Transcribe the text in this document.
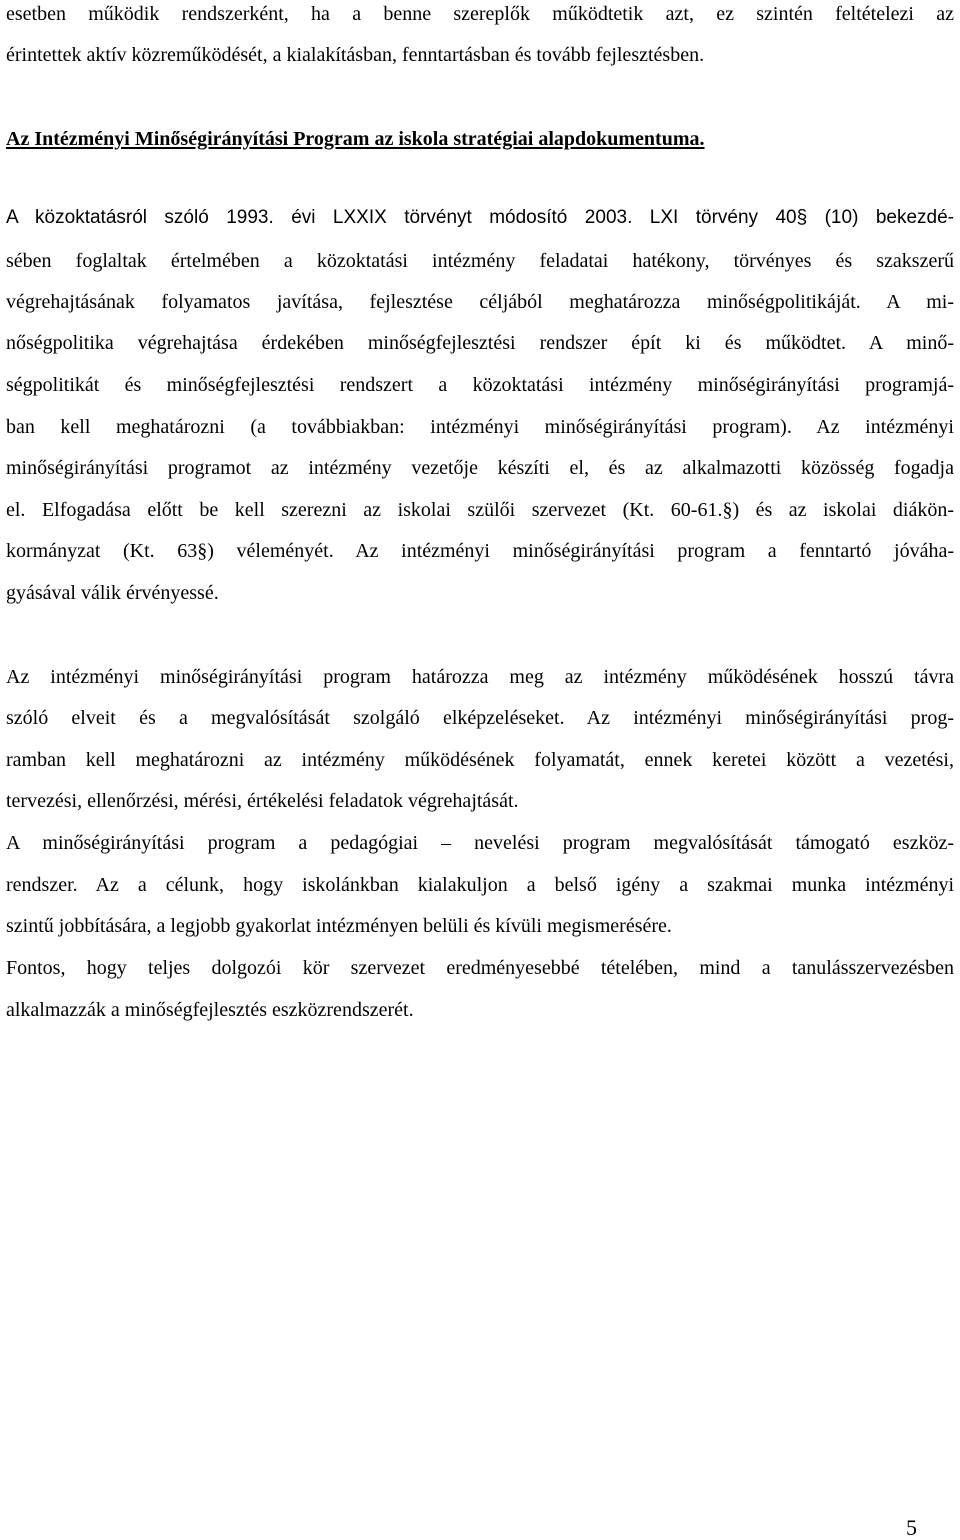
esetben működik rendszerként, ha a benne szereplők működtetik azt, ez szintén feltételezi az
érintettek aktív közreműködését, a kialakításban, fenntartásban és tovább fejlesztésben.
Az Intézményi Minőségirányítási Program az iskola stratégiai alapdokumentuma.
A közoktatásról szóló 1993. évi LXXIX törvényt módosító 2003. LXI törvény 40§ (10) bekezdé-
sében foglaltak értelmében a közoktatási intézmény feladatai hatékony, törvényes és szakszerű
végrehajtásának folyamatos javítása, fejlesztése céljából meghatározza minőségpolitikáját. A mi-
nőségpolitika végrehajtása érdekében minőségfejlesztési rendszer épít ki és működtet. A minő-
ségpolitikát és minőségfejlesztési rendszert a közoktatási intézmény minőségirányítási programjá-
ban kell meghatározni (a továbbiakban: intézményi minőségirányítási program). Az intézményi
minőségirányítási programot az intézmény vezetője készíti el, és az alkalmazotti közösség fogadja
el. Elfogadása előtt be kell szerezni az iskolai szülői szervezet (Kt. 60-61.§) és az iskolai diákön-
kormányzat (Kt. 63§) véleményét. Az intézményi minőségirányítási program a fenntartó jóváha-
gyásával válik érvényessé.
Az intézményi minőségirányítási program határozza meg az intézmény működésének hosszú távra
szóló elveit és a megvalósítását szolgáló elképzeléseket. Az intézményi minőségirányítási prog-
ramban kell meghatározni az intézmény működésének folyamatát, ennek keretei között a vezetési,
tervezési, ellenőrzési, mérési, értékelési feladatok végrehajtását.
A minőségirányítási program a pedagógiai – nevelési program megvalósítását támogató eszköz-
rendszer. Az a célunk, hogy iskolánkban kialakuljon a belső igény a szakmai munka intézményi
szintű jobbítására, a legjobb gyakorlat intézményen belüli és kívüli megismerésére.
Fontos, hogy teljes dolgozói kör szervezet eredményesebbé tételében, mind a tanulásszervezésben
alkalmazzák a minőségfejlesztés eszközrendszerét.
5
